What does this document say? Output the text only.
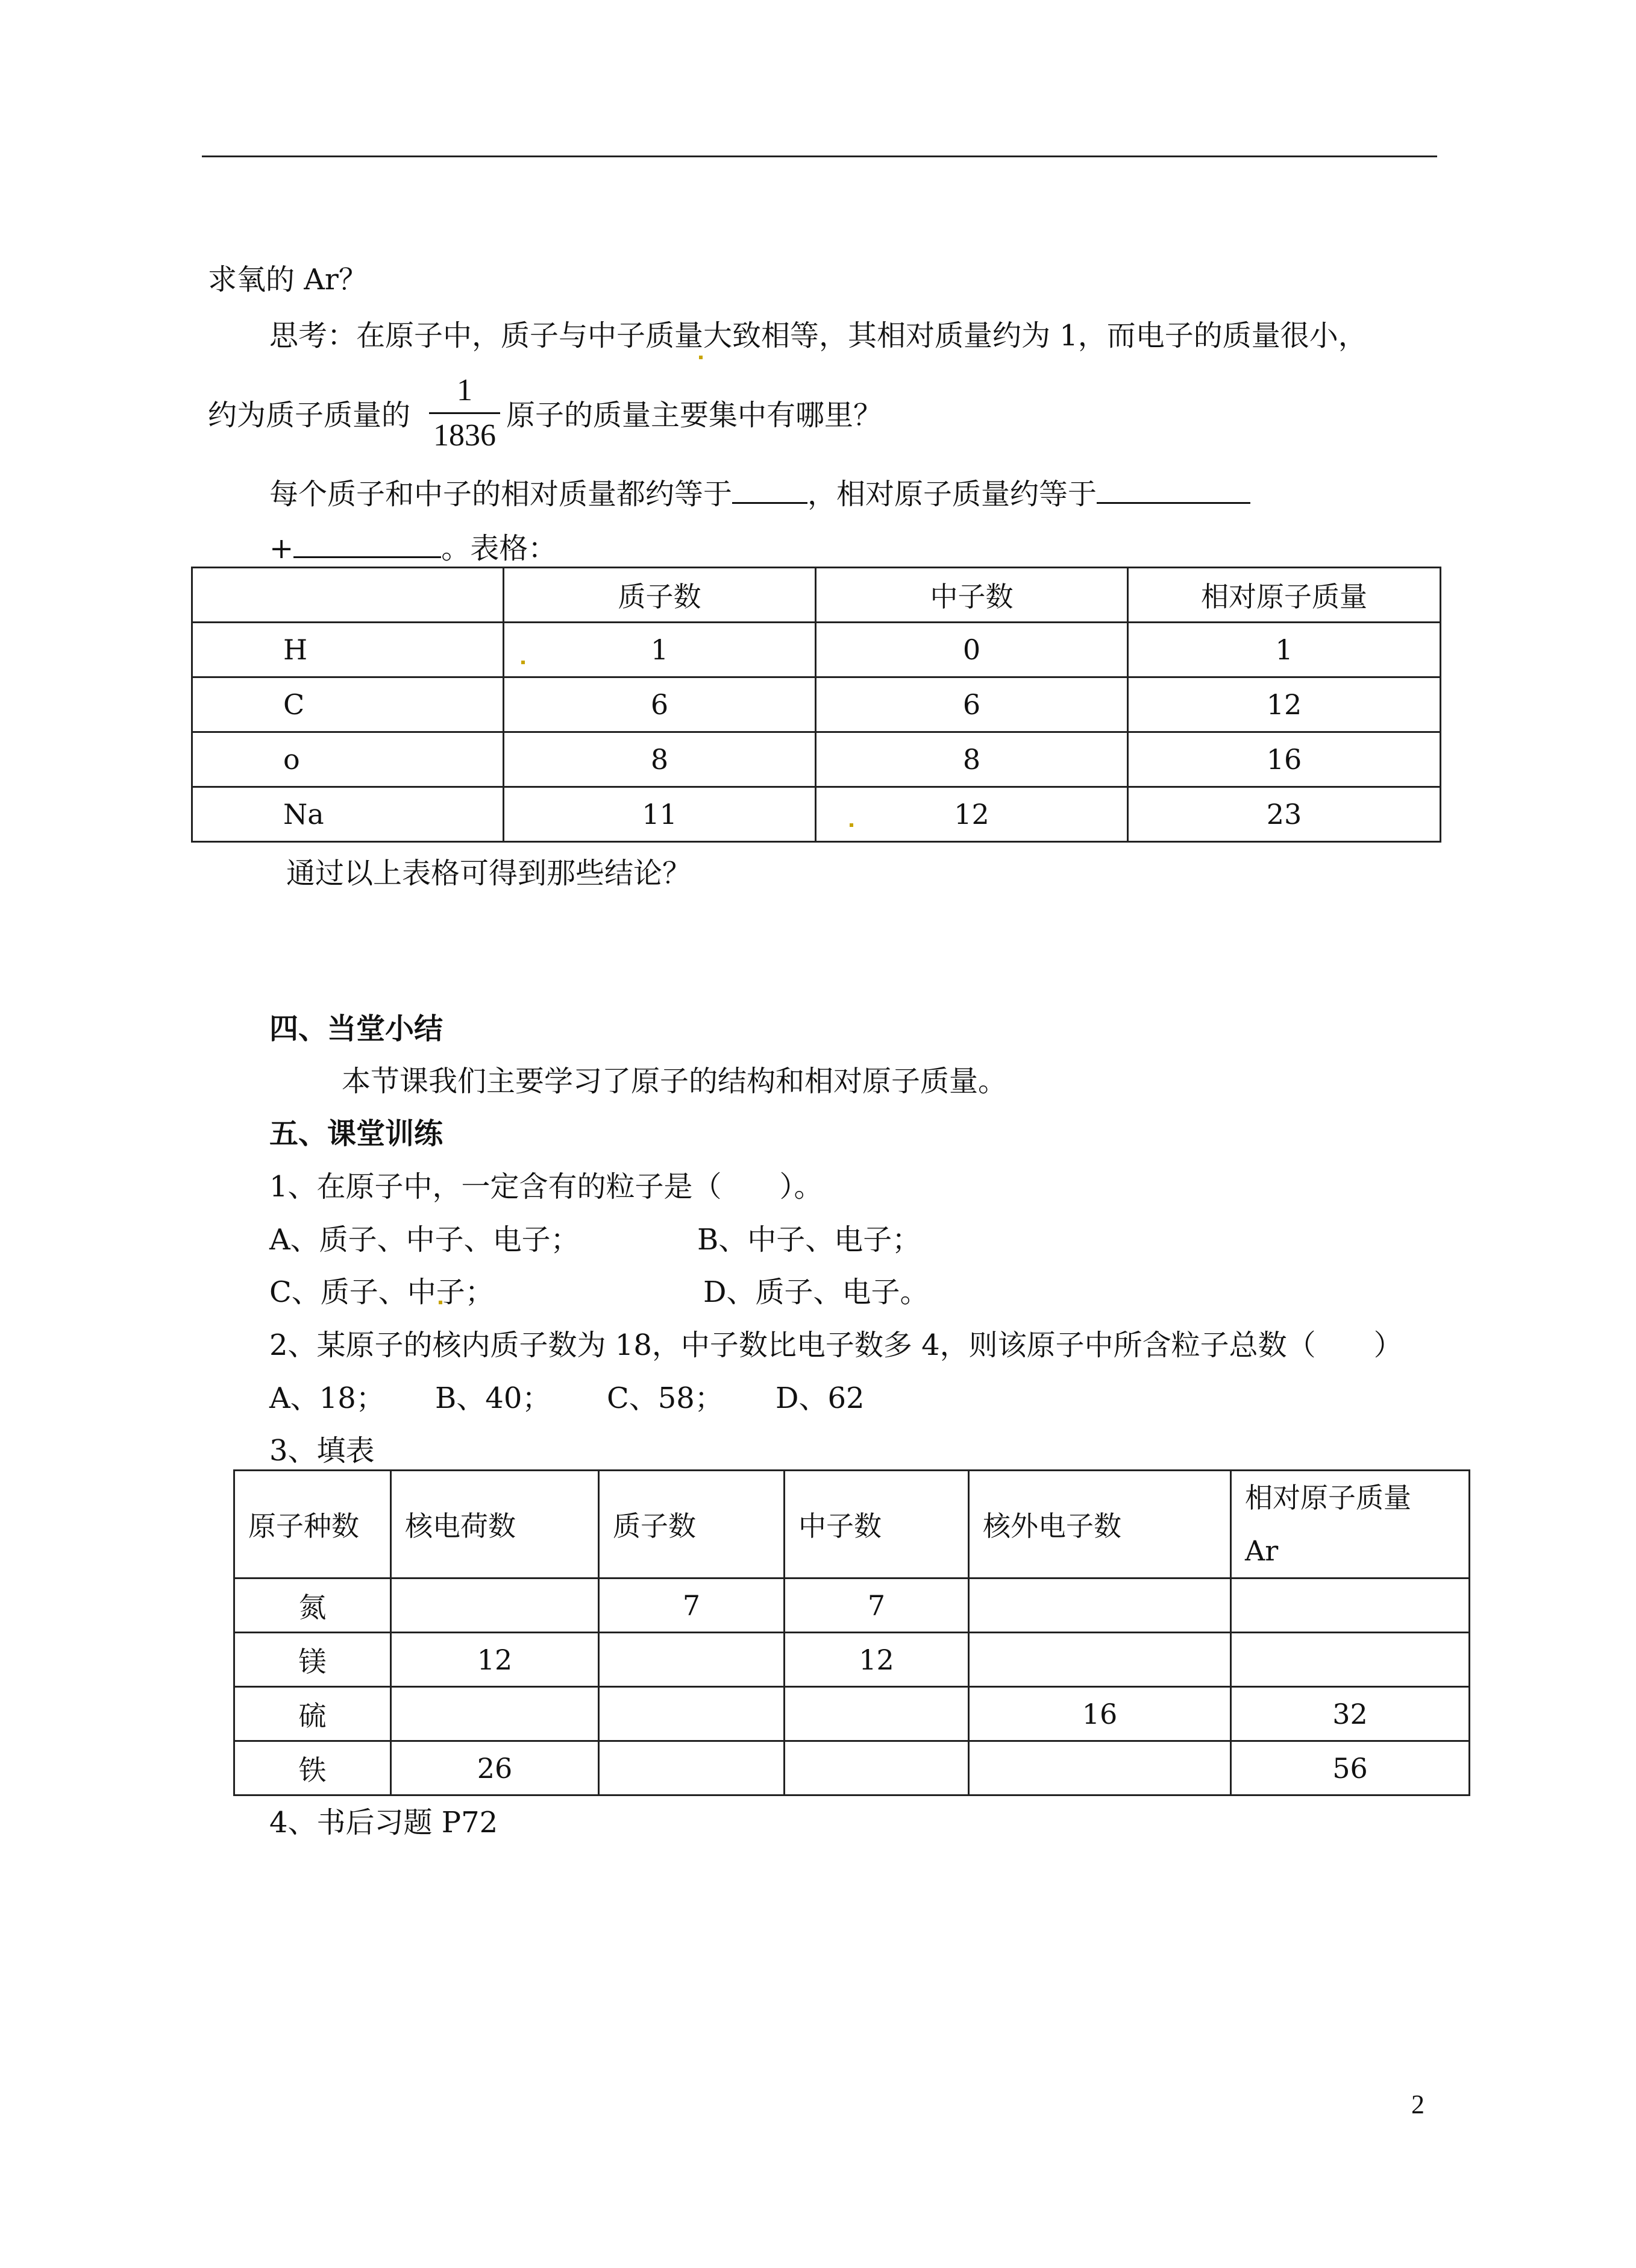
求氧的 Ar？
思考：在原子中，质子与中子质量大致相等，其相对质量约为 1，而电子的质量很小，
约为质子质量的
1
1836
原子的质量主要集中有哪里？
每个质子和中子的相对质量都约等于	，相对原子质量约等于
+	。表格：
	质子数	中子数	相对原子质量
H	1	0	1
C	6	6	12
o	8	8	16
Na	11	12	23
通过以上表格可得到那些结论？
四、当堂小结
本节课我们主要学习了原子的结构和相对原子质量。
五、课堂训练
1、在原子中，一定含有的粒子是（　　）。
A、质子、中子、电子；	B、中子、电子；
C、质子、中子；	D、质子、电子。
2、某原子的核内质子数为 18，中子数比电子数多 4，则该原子中所含粒子总数（　　）
A、18； B、40； C、58； D、62
3、填表
原子种数	核电荷数	质子数	中子数	核外电子数	相对原子质量
Ar

氮		7	7		
镁	12		12		
硫				16	32
铁	26				56
4、书后习题 P72
2
